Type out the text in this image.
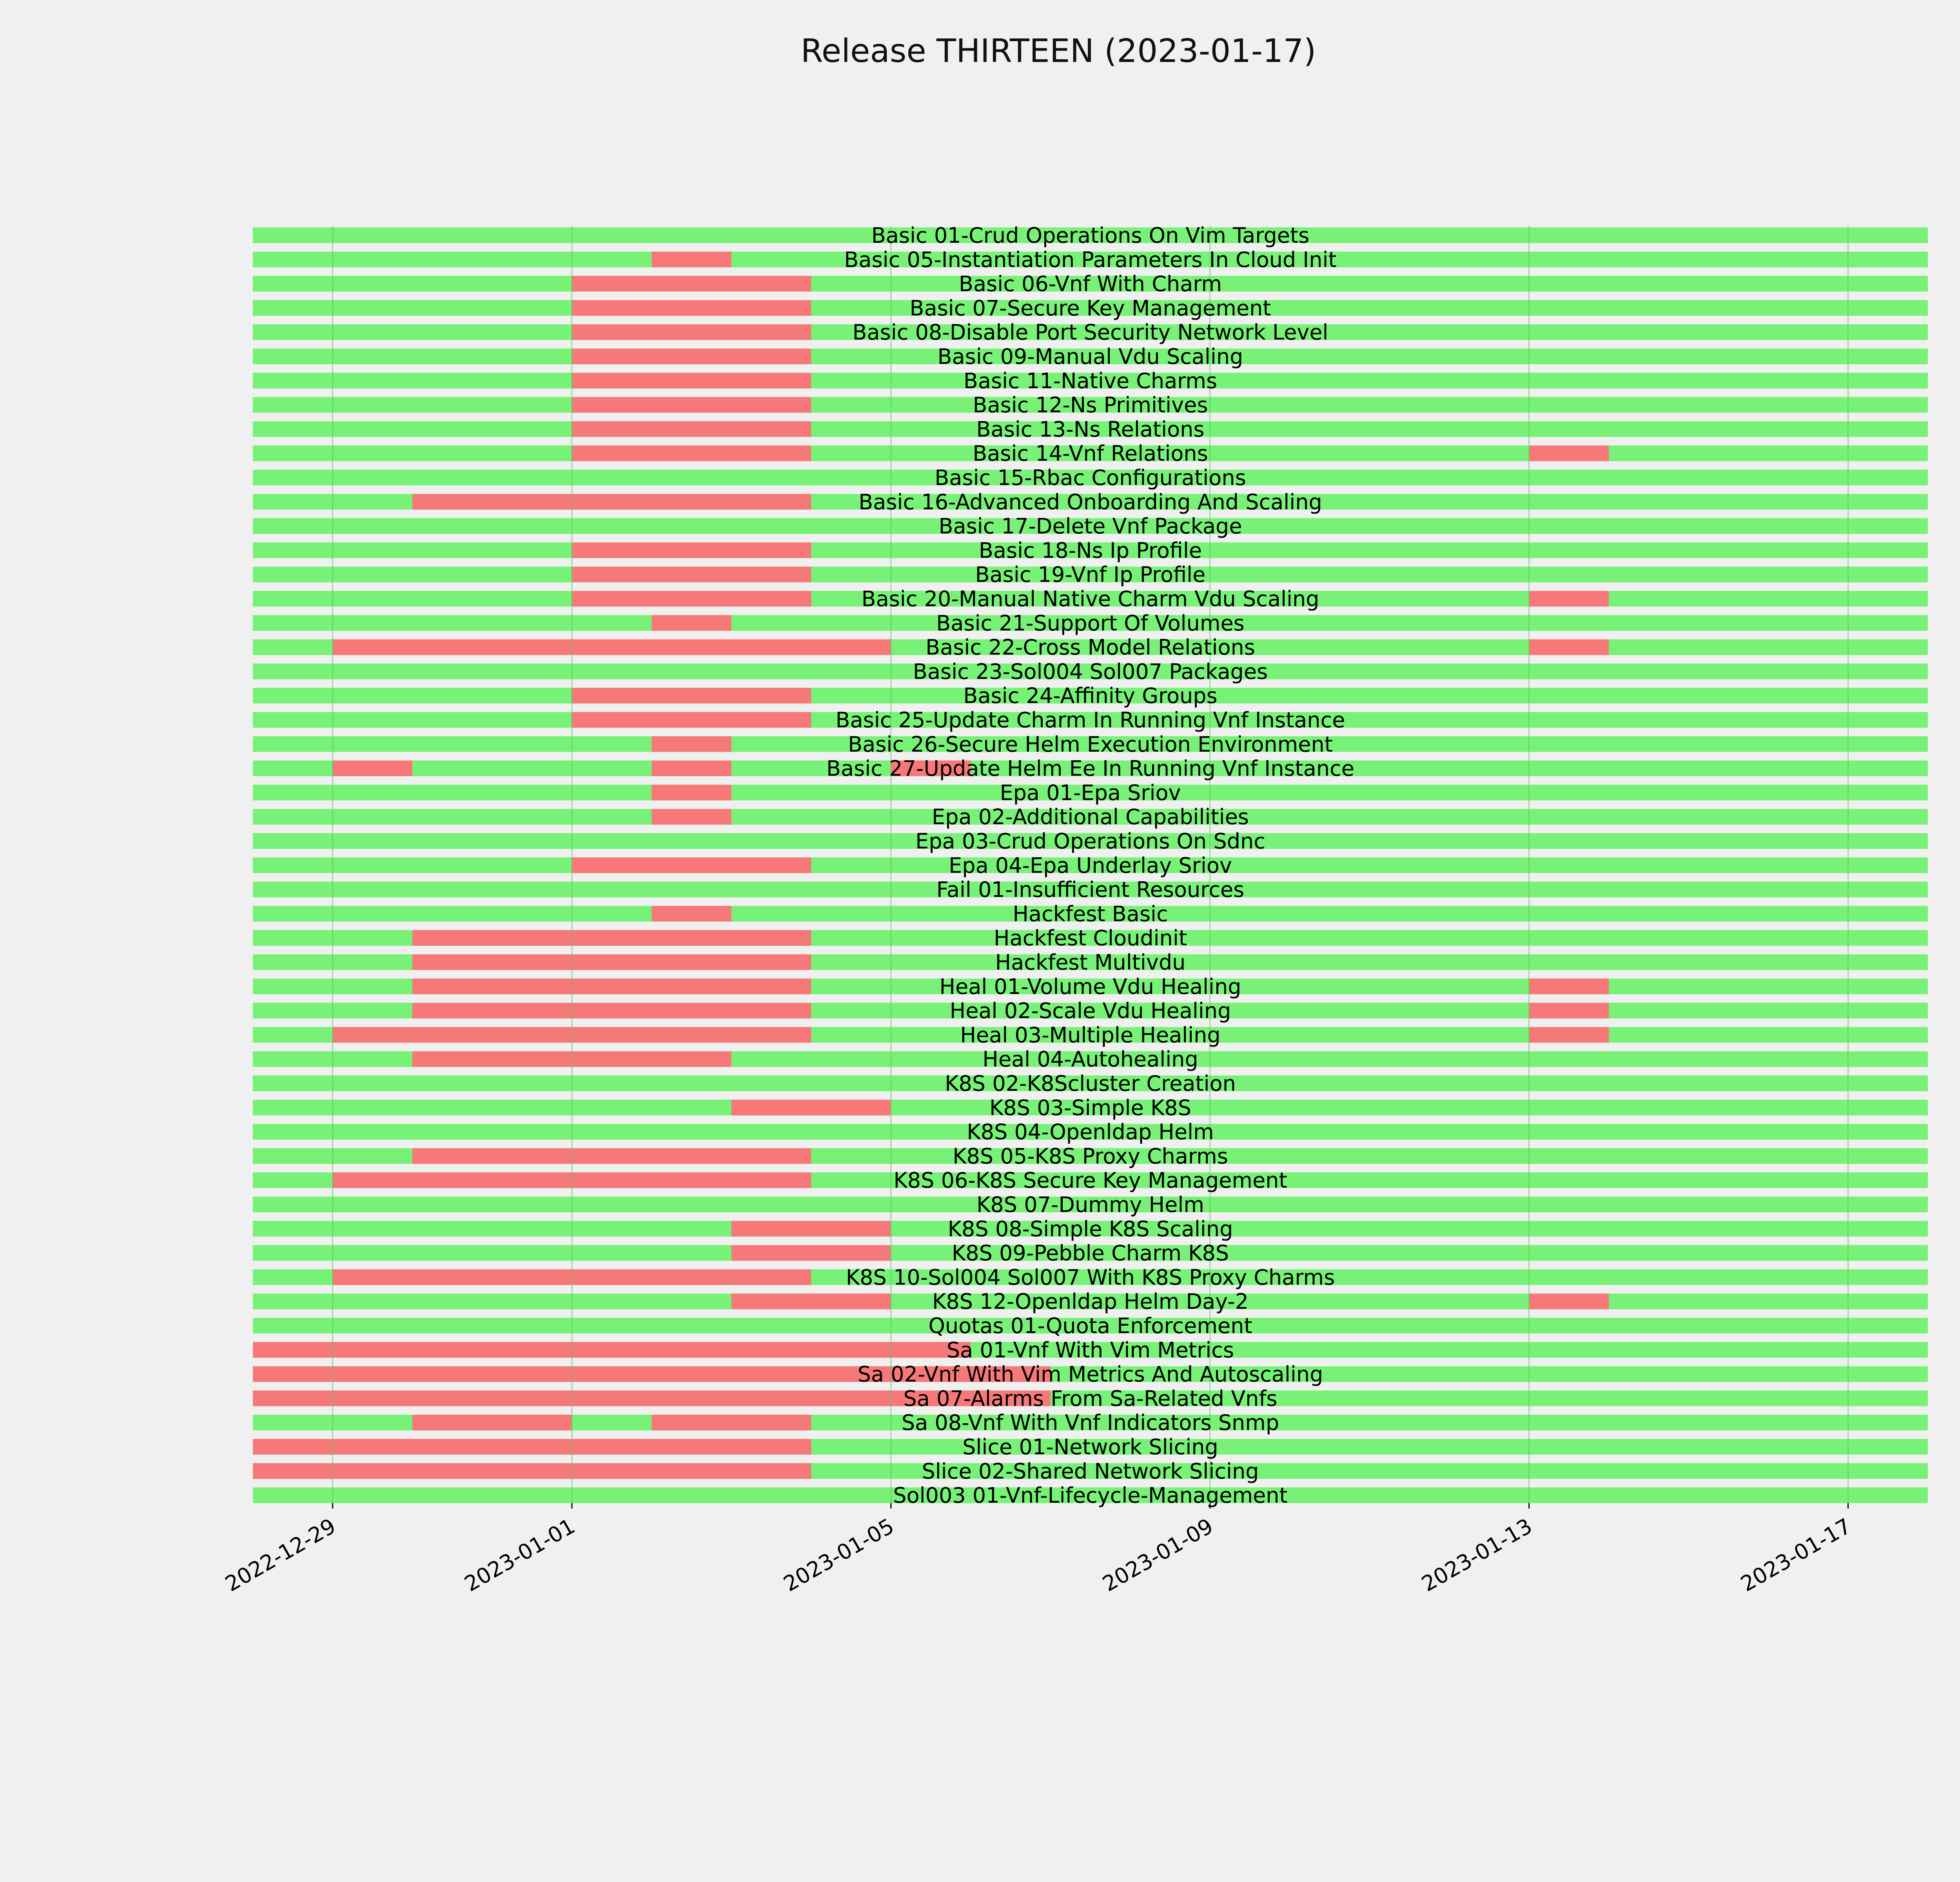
Release THIRTEEN (2023-01-17)
Basic 01-Crud Operations On Vim Targets
Basic 05-Instantiation Parameters In Cloud Init
Basic 06-Vnf With Charm
Basic 07-Secure Key Management
Basic 08-Disable Port Security Network Level
Basic 09-Manual Vdu Scaling
Basic 11-Native Charms
Basic 12-Ns Primitives
Basic 13-Ns Relations
Basic 14-Vnf Relations
Basic 15-Rbac Configurations
Basic 16-Advanced Onboarding And Scaling
Basic 17-Delete Vnf Package
Basic 18-Ns Ip Profile
Basic 19-Vnf Ip Profile
Basic 20-Manual Native Charm Vdu Scaling
Basic 21-Support Of Volumes
Basic 22-Cross Model Relations
Basic 23-Sol004 Sol007 Packages
Basic 24-Affinity Groups
Basic 25-Update Charm In Running Vnf Instance
Basic 26-Secure Helm Execution Environment
Basic 27-Update Helm Ee In Running Vnf Instance
Epa 01-Epa Sriov
Epa 02-Additional Capabilities
Epa 03-Crud Operations On Sdnc
Epa 04-Epa Underlay Sriov
Fail 01-Insufficient Resources
Hackfest Basic
Hackfest Cloudinit
Hackfest Multivdu
Heal 01-Volume Vdu Healing
Heal 02-Scale Vdu Healing
Heal 03-Multiple Healing
Heal 04-Autohealing
K8S 02-K8Scluster Creation
K8S 03-Simple K8S
K8S 04-Openldap Helm
K8S 05-K8S Proxy Charms
K8S 06-K8S Secure Key Management
K8S 07-Dummy Helm
K8S 08-Simple K8S Scaling
K8S 09-Pebble Charm K8S
K8S 10-Sol004 Sol007 With K8S Proxy Charms
K8S 12-Openldap Helm Day-2
Quotas 01-Quota Enforcement
Sa 01-Vnf With Vim Metrics
Sa 02-Vnf With Vim Metrics And Autoscaling
Sa 07-Alarms From Sa-Related Vnfs
Sa 08-Vnf With Vnf Indicators Snmp
Slice 01-Network Slicing
Slice 02-Shared Network Slicing
Sol003 01-Vnf-Lifecycle-Management
2022-12-29	2023-01-01	2023-01-05	2023-01-09	2023-01-13	2023-01-17
